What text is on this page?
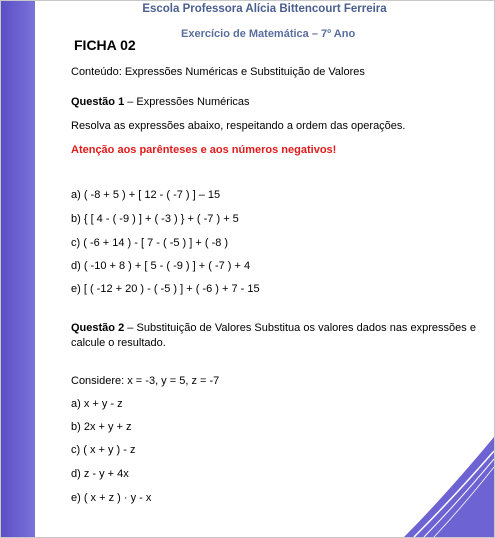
Escola Professora Alícia Bittencourt Ferreira
Exercício de Matemática – 7º Ano
FICHA 02
Conteúdo: Expressões Numéricas e Substituição de Valores
Questão 1 – Expressões Numéricas
Resolva as expressões abaixo, respeitando a ordem das operações.
Atenção aos parênteses e aos números negativos!
a) ( -8 + 5 ) + [ 12 - ( -7 ) ] – 15
b) { [ 4 - ( -9 ) ] + ( -3 ) } + ( -7 ) + 5
c) ( -6 + 14 ) - [ 7 - ( -5 ) ] + ( -8 )
d) ( -10 + 8 ) + [ 5 - ( -9 ) ] + ( -7 ) + 4
e) [ ( -12 + 20 ) - ( -5 ) ] + ( -6 ) + 7 - 15
Questão 2 – Substituição de Valores Substitua os valores dados nas expressões e calcule o resultado.
Considere: x = -3, y = 5, z = -7
a) x + y - z
b) 2x + y + z
c) ( x + y ) - z
d) z - y + 4x
e) ( x + z ) · y - x
